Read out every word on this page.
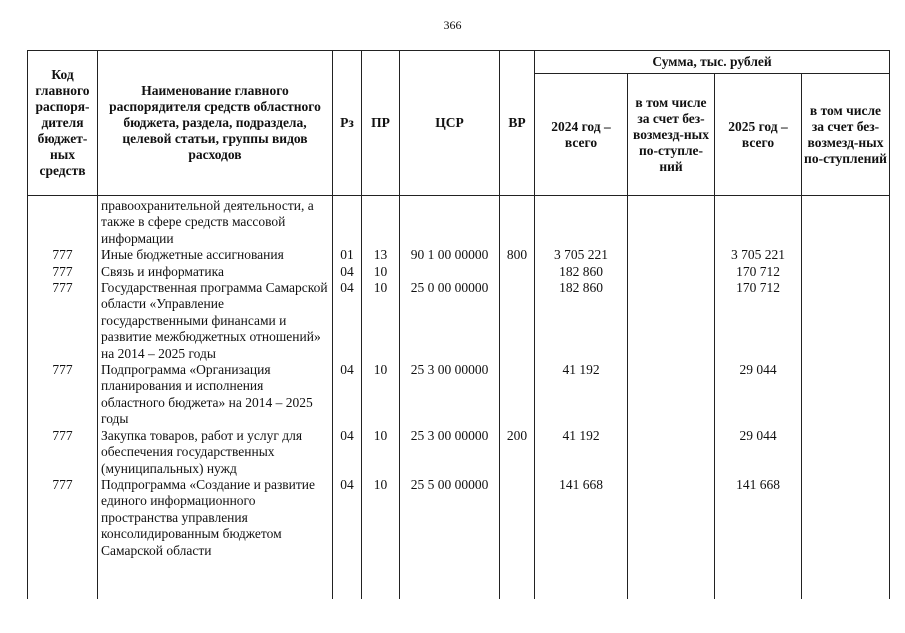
366
Код главного распоря-дителя бюджет-ных средств	Наименование главного распорядителя средств областного бюджета, раздела, подраздела, целевой статьи, группы видов расходов	Рз	ПР	ЦСР	ВР	Сумма, тыс. рублей			
						2024 год – всего	в том числе за счет без-возмезд-ных по-ступле-ний	2025 год – всего	в том числе за счет без-возмезд-ных по-ступлений
	правоохранительной деятельности, а также в сфере средств массовой информации								
777	Иные бюджетные ассигнования	01	13	90 1 00 00000	800	3 705 221		3 705 221	
777	Связь и информатика	04	10			182 860		170 712	
777	Государственная программа Самарской области «Управление государственными финансами и развитие межбюджетных отношений» на 2014 – 2025 годы	04	10	25 0 00 00000		182 860		170 712	
777	Подпрограмма «Организация планирования и исполнения областного бюджета» на 2014 – 2025 годы	04	10	25 3 00 00000		41 192		29 044	
777	Закупка товаров, работ и услуг для обеспечения государственных (муниципальных) нужд	04	10	25 3 00 00000	200	41 192		29 044	
777	Подпрограмма «Создание и развитие единого информационного пространства управления консолидированным бюджетом Самарской области	04	10	25 5 00 00000		141 668		141 668	
